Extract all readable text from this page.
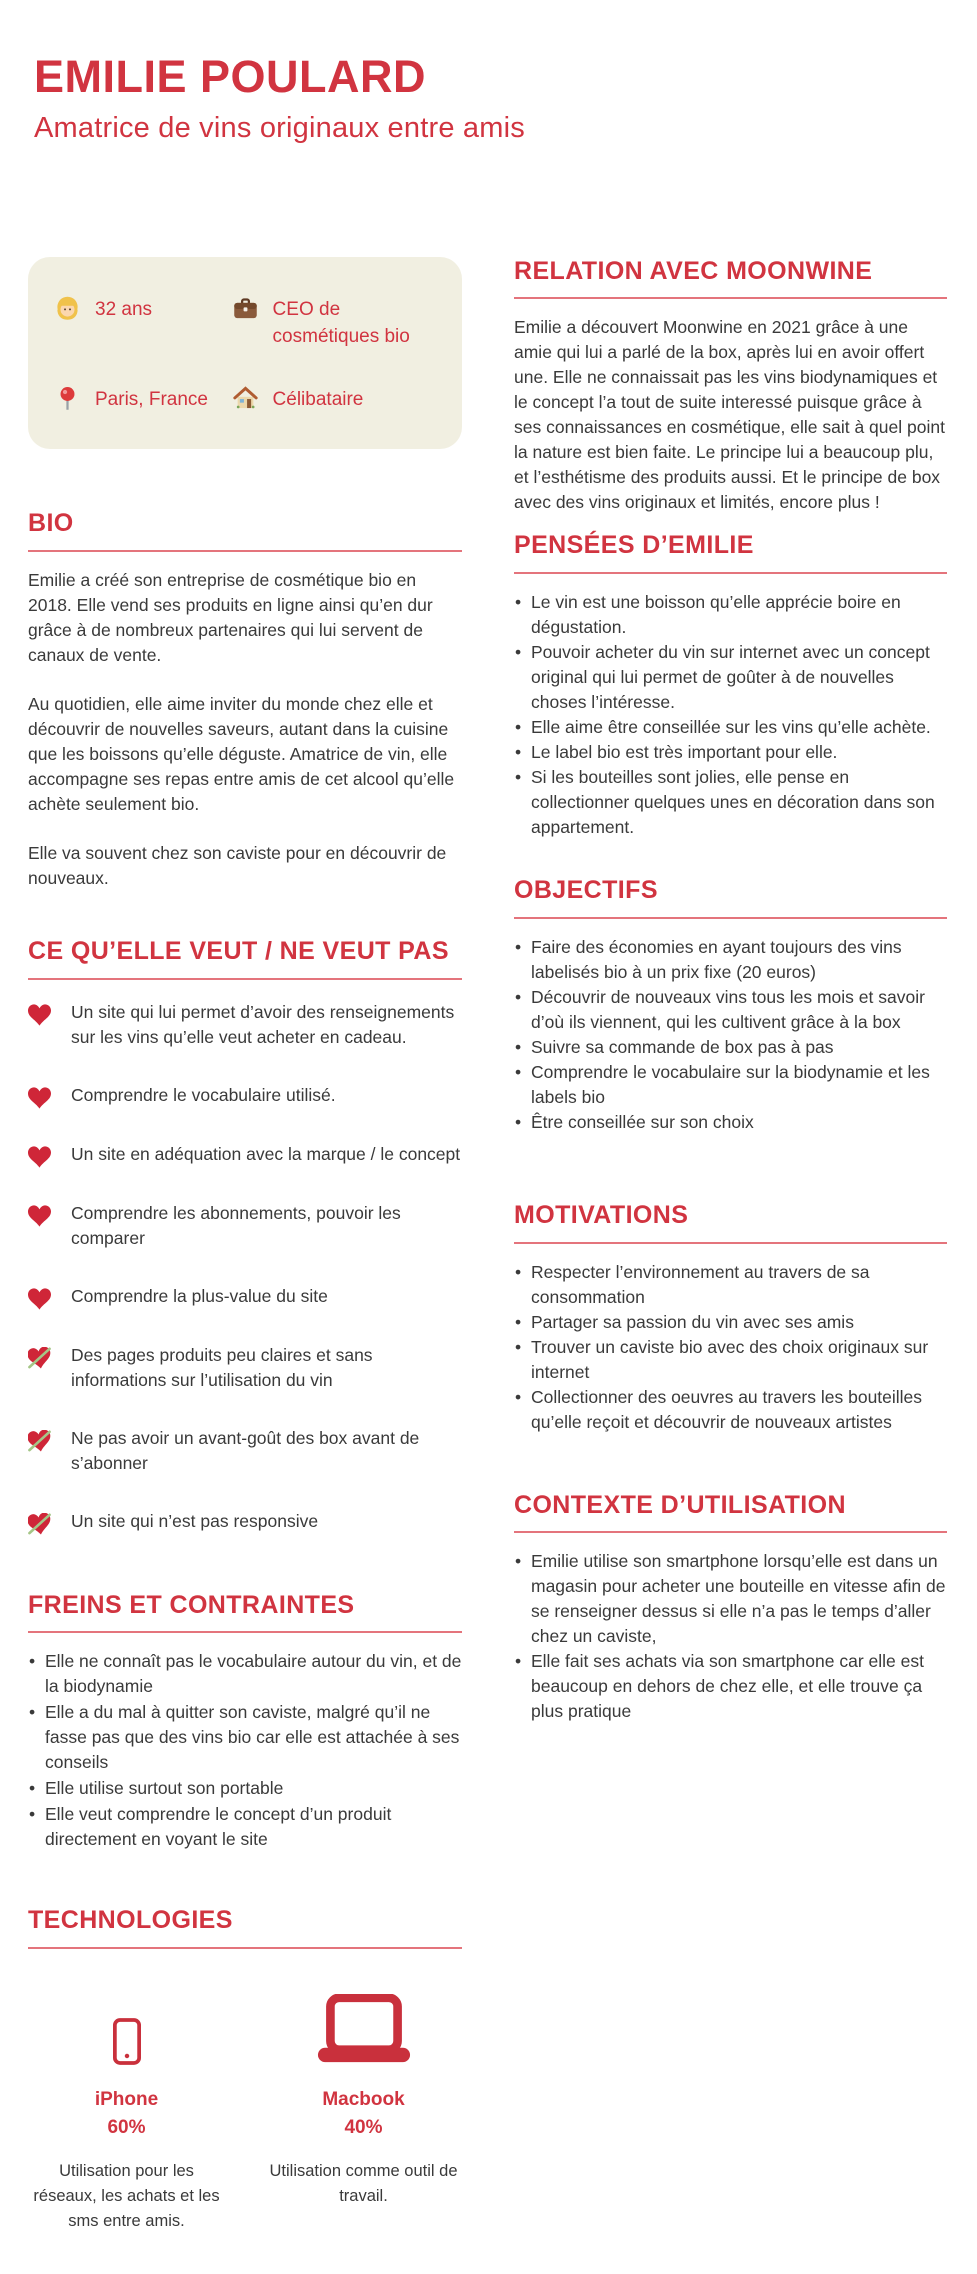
EMILIE POULARD
Amatrice de vins originaux entre amis
32 ans	CEO de cosmétiques bio
Paris, France	Célibataire
BIO

Emilie a créé son entreprise de cosmétique bio en 2018. Elle vend ses produits en ligne ainsi qu’en dur grâce à de nombreux partenaires qui lui servent de canaux de vente.

Au quotidien, elle aime inviter du monde chez elle et découvrir de nouvelles saveurs, autant dans la cuisine que les boissons qu’elle déguste. Amatrice de vin, elle accompagne ses repas entre amis de cet alcool qu’elle achète seulement bio.

Elle va souvent chez son caviste pour en découvrir de nouveaux.

CE QU’ELLE VEUT / NE VEUT PAS

Un site qui lui permet d’avoir des renseignements sur les vins qu’elle veut acheter en cadeau.

Comprendre le vocabulaire utilisé.

Un site en adéquation avec la marque / le concept

Comprendre les abonnements, pouvoir les comparer

Comprendre la plus-value du site

Des pages produits peu claires et sans informations sur l’utilisation du vin

Ne pas avoir un avant-goût des box avant de s’abonner

Un site qui n’est pas responsive

FREINS ET CONTRAINTES
• Elle ne connaît pas le vocabulaire autour du vin, et de la biodynamie
• Elle a du mal à quitter son caviste, malgré qu’il ne fasse pas que des vins bio car elle est attachée à ses conseils
• Elle utilise surtout son portable
• Elle veut comprendre le concept d’un produit directement en voyant le site
TECHNOLOGIES
iPhone
60%
Utilisation pour les réseaux, les achats et les sms entre amis.
Macbook
40%
Utilisation comme outil de travail.
RELATION AVEC MOONWINE

Emilie a découvert Moonwine en 2021 grâce à une amie qui lui a parlé de la box, après lui en avoir offert une. Elle ne connaissait pas les vins biodynamiques et le concept l’a tout de suite interessé puisque grâce à ses connaissances en cosmétique, elle sait à quel point la nature est bien faite. Le principe lui a beaucoup plu, et l’esthétisme des produits aussi. Et le principe de box avec des vins originaux et limités, encore plus !

PENSÉES D’EMILIE
• Le vin est une boisson qu’elle apprécie boire en dégustation.
• Pouvoir acheter du vin sur internet avec un concept original qui lui permet de goûter à de nouvelles choses l’intéresse.
• Elle aime être conseillée sur les vins qu’elle achète.
• Le label bio est très important pour elle.
• Si les bouteilles sont jolies, elle pense en collectionner quelques unes en décoration dans son appartement.
OBJECTIFS
• Faire des économies en ayant toujours des vins labelisés bio à un prix fixe (20 euros)
• Découvrir de nouveaux vins tous les mois et savoir d’où ils viennent, qui les cultivent grâce à la box
• Suivre sa commande de box pas à pas
• Comprendre le vocabulaire sur la biodynamie et les labels bio
• Être conseillée sur son choix
MOTIVATIONS
• Respecter l’environnement au travers de sa consommation
• Partager sa passion du vin avec ses amis
• Trouver un caviste bio avec des choix originaux sur internet
• Collectionner des oeuvres au travers les bouteilles qu’elle reçoit et découvrir de nouveaux artistes
CONTEXTE D’UTILISATION
• Emilie utilise son smartphone lorsqu’elle est dans un magasin pour acheter une bouteille en vitesse afin de se renseigner dessus si elle n’a pas le temps d’aller chez un caviste,
• Elle fait ses achats via son smartphone car elle est beaucoup en dehors de chez elle, et elle trouve ça plus pratique
